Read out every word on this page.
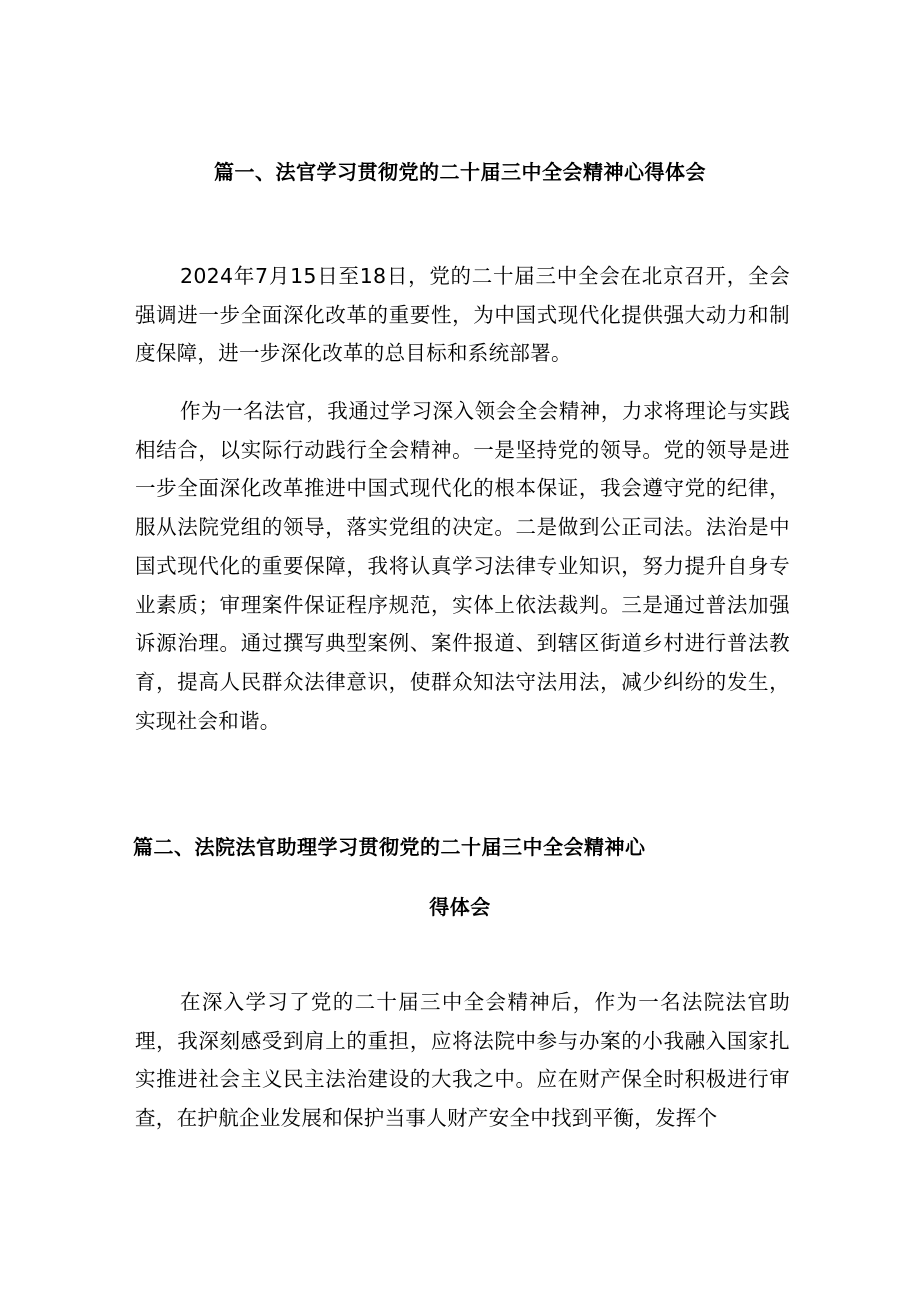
篇一、法官学习贯彻党的二十届三中全会精神心得体会

2024年7月15日至18日，党的二十届三中全会在北京召开，全会强调进一步全面深化改革的重要性，为中国式现代化提供强大动力和制度保障，进一步深化改革的总目标和系统部署。

作为一名法官，我通过学习深入领会全会精神，力求将理论与实践相结合，以实际行动践行全会精神。一是坚持党的领导。党的领导是进一步全面深化改革推进中国式现代化的根本保证，我会遵守党的纪律，服从法院党组的领导，落实党组的决定。二是做到公正司法。法治是中国式现代化的重要保障，我将认真学习法律专业知识，努力提升自身专业素质；审理案件保证程序规范，实体上依法裁判。三是通过普法加强诉源治理。通过撰写典型案例、案件报道、到辖区街道乡村进行普法教育，提高人民群众法律意识，使群众知法守法用法，减少纠纷的发生，实现社会和谐。

篇二、法院法官助理学习贯彻党的二十届三中全会精神心
得体会

在深入学习了党的二十届三中全会精神后，作为一名法院法官助理，我深刻感受到肩上的重担，应将法院中参与办案的小我融入国家扎实推进社会主义民主法治建设的大我之中。应在财产保全时积极进行审查，在护航企业发展和保护当事人财产安全中找到平衡，发挥个
